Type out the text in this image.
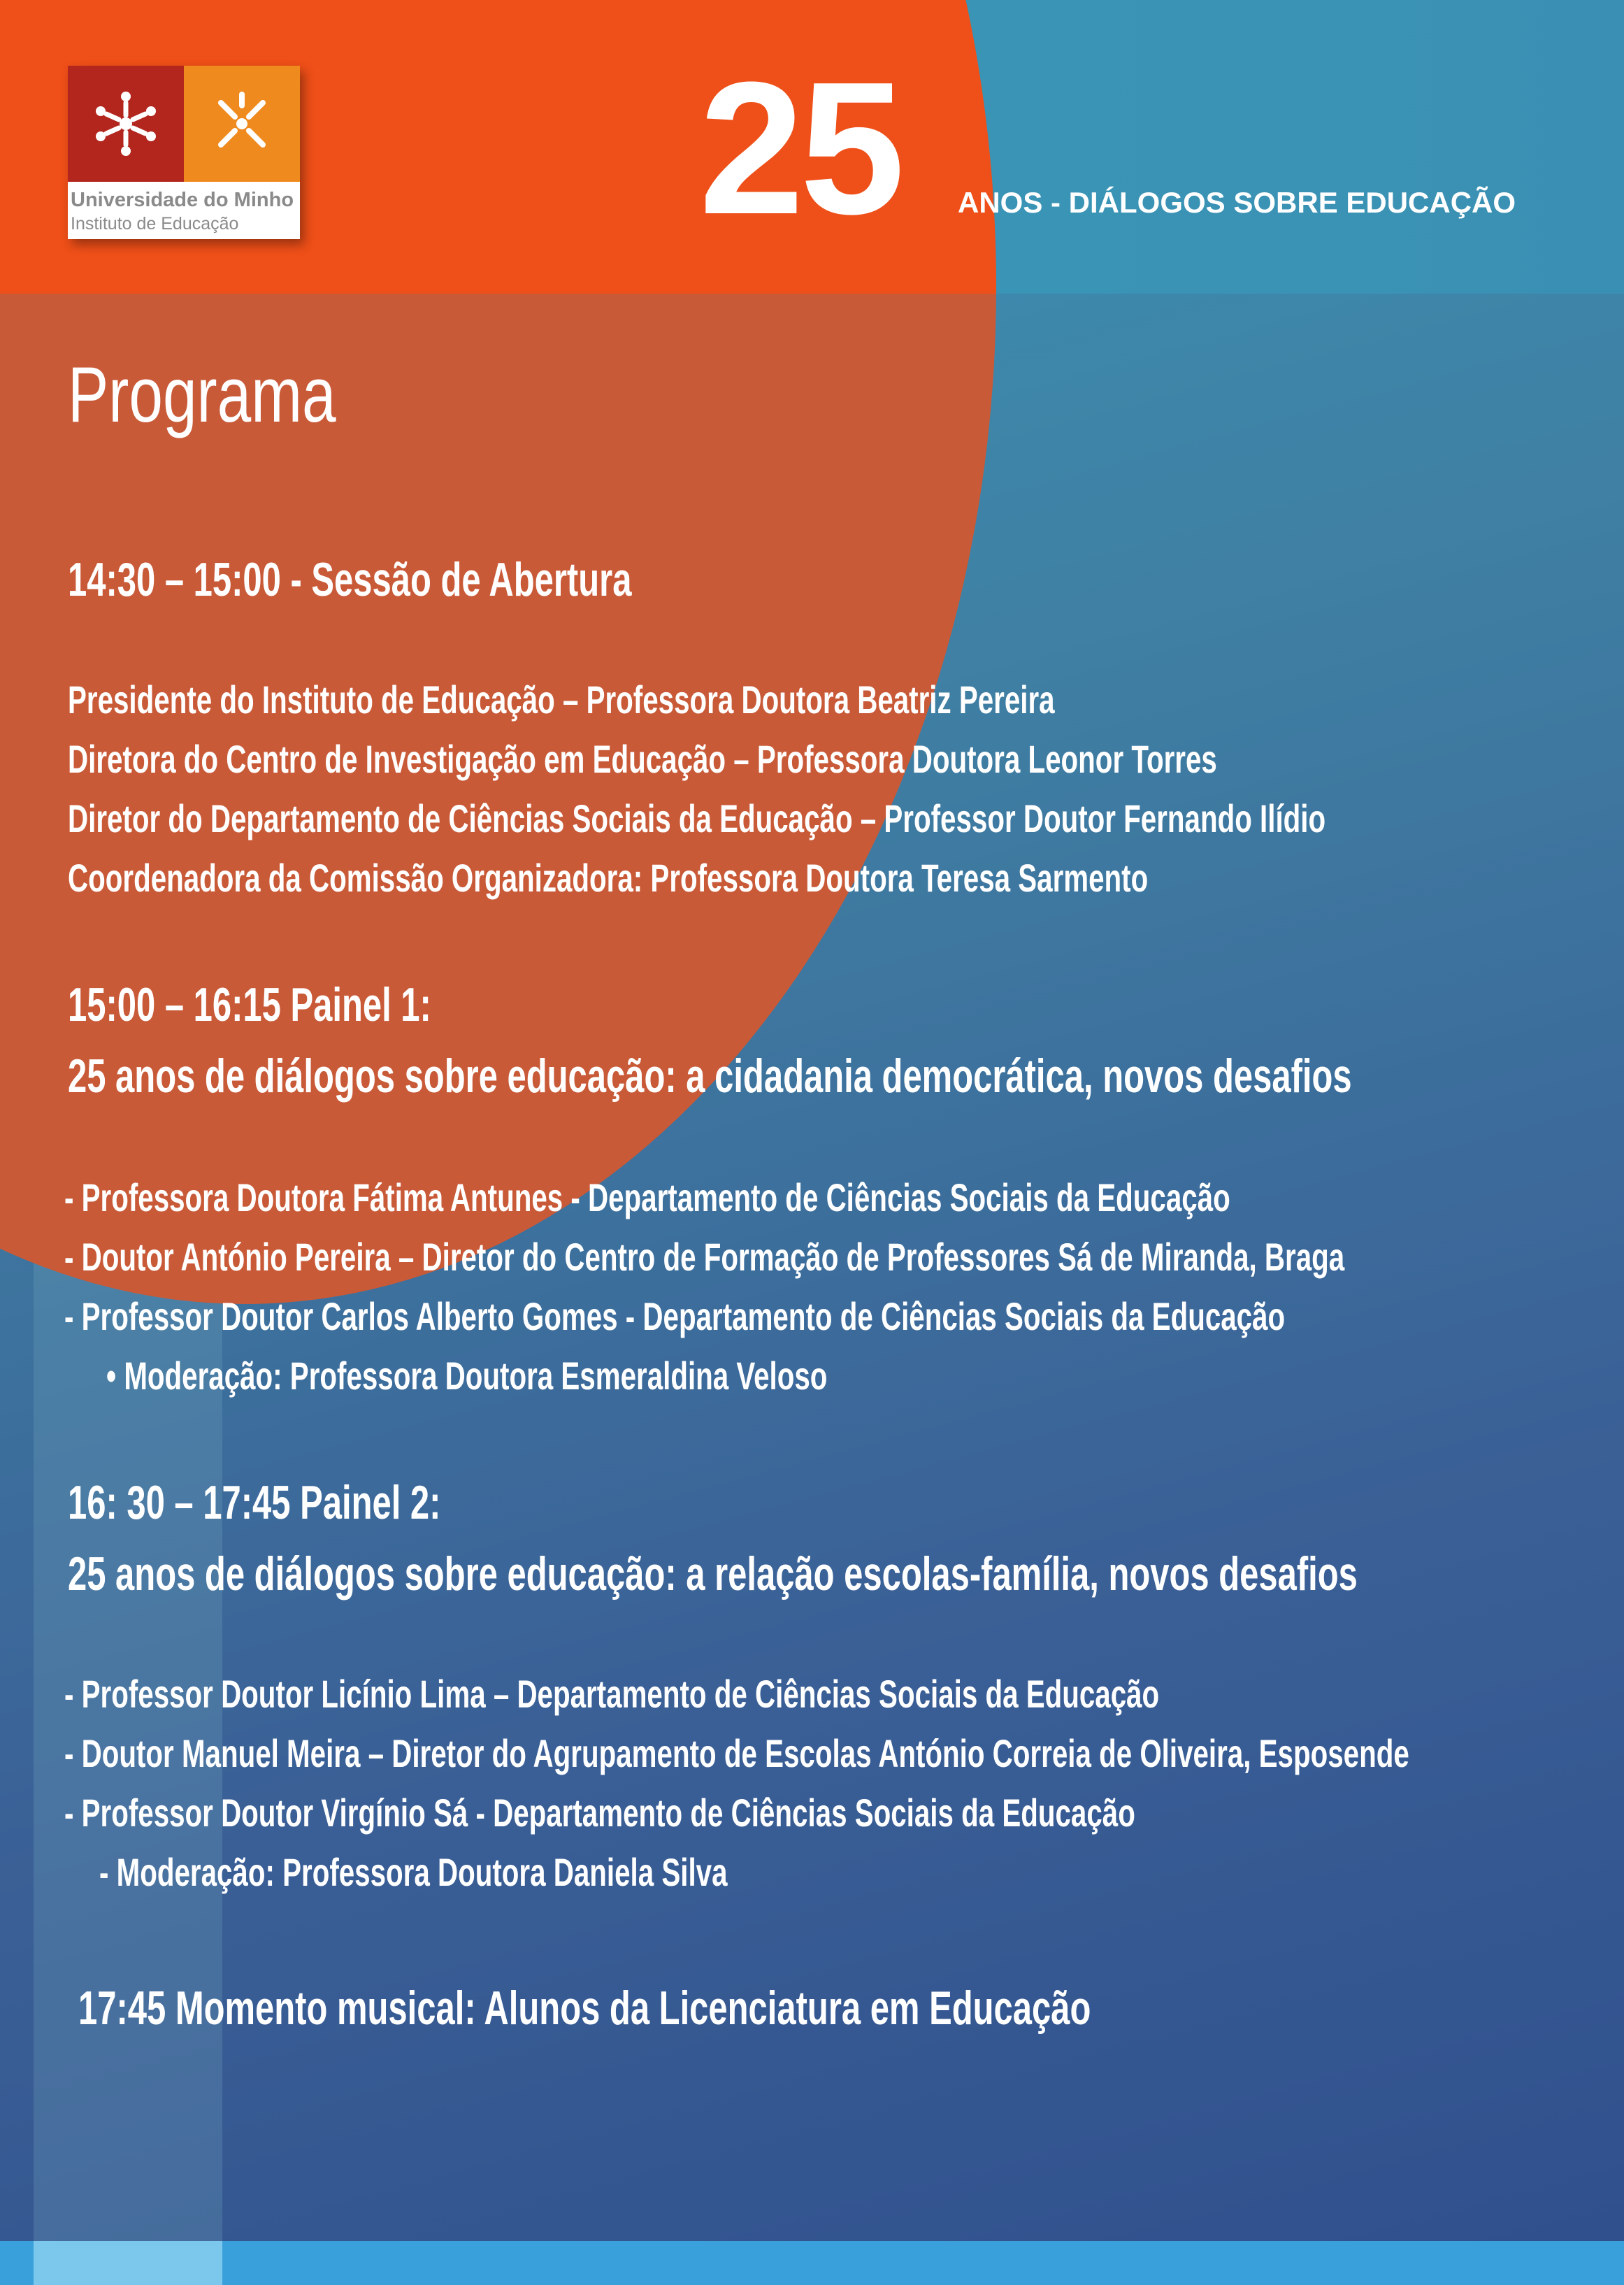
Universidade do Minho
Instituto de Educação 25 ANOS - DIÁLOGOS SOBRE EDUCAÇÃO
Programa
14:30 – 15:00 - Sessão de Abertura
Presidente do Instituto de Educação – Professora Doutora Beatriz Pereira
Diretora do Centro de Investigação em Educação – Professora Doutora Leonor Torres
Diretor do Departamento de Ciências Sociais da Educação – Professor Doutor Fernando Ilídio
Coordenadora da Comissão Organizadora: Professora Doutora Teresa Sarmento
15:00 – 16:15 Painel 1:
25 anos de diálogos sobre educação: a cidadania democrática, novos desafios
- Professora Doutora Fátima Antunes - Departamento de Ciências Sociais da Educação
- Doutor António Pereira – Diretor do Centro de Formação de Professores Sá de Miranda, Braga
- Professor Doutor Carlos Alberto Gomes - Departamento de Ciências Sociais da Educação
• Moderação: Professora Doutora Esmeraldina Veloso
16: 30 – 17:45 Painel 2:
25 anos de diálogos sobre educação: a relação escolas-família, novos desafios
- Professor Doutor Licínio Lima – Departamento de Ciências Sociais da Educação
- Doutor Manuel Meira – Diretor do Agrupamento de Escolas António Correia de Oliveira, Esposende
- Professor Doutor Virgínio Sá - Departamento de Ciências Sociais da Educação
- Moderação: Professora Doutora Daniela Silva
17:45 Momento musical: Alunos da Licenciatura em Educação
